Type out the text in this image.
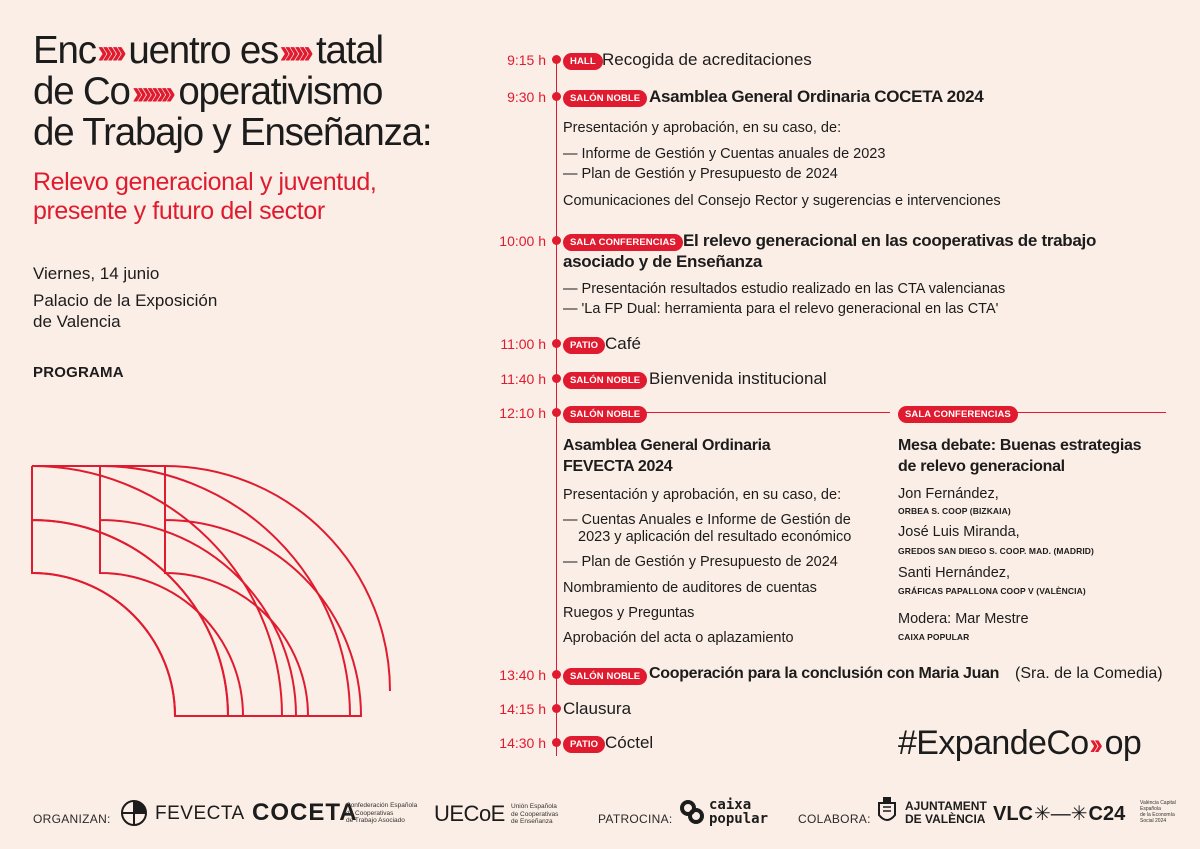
Enc››››› uentro es›››››› tatal
de Co›››››››› operativismo
de Trabajo y Enseñanza:
Relevo generacional y juventud,
presente y futuro del sector
Viernes, 14 junio
Palacio de la Exposición
de Valencia
PROGRAMA
9:15 h	HALL Recogida de acreditaciones
9:30 h	SALÓN NOBLE Asamblea General Ordinaria COCETA 2024
Presentación y aprobación, en su caso, de:
— Informe de Gestión y Cuentas anuales de 2023
— Plan de Gestión y Presupuesto de 2024
Comunicaciones del Consejo Rector y sugerencias e intervenciones
10:00 h	SALA CONFERENCIAS El relevo generacional en las cooperativas de trabajo
asociado y de Enseñanza
— Presentación resultados estudio realizado en las CTA valencianas
— 'La FP Dual: herramienta para el relevo generacional en las CTA'
11:00 h	PATIO Café
11:40 h	SALÓN NOBLE Bienvenida institucional
12:10 h	SALÓN NOBLE	SALA CONFERENCIAS
Asamblea General Ordinaria
FEVECTA 2024
Presentación y aprobación, en su caso, de:
— Cuentas Anuales e Informe de Gestión de
2023 y aplicación del resultado económico
— Plan de Gestión y Presupuesto de 2024
Nombramiento de auditores de cuentas
Ruegos y Preguntas
Aprobación del acta o aplazamiento
Mesa debate: Buenas estrategias
de relevo generacional
Jon Fernández,
ORBEA S. COOP (BIZKAIA)
José Luis Miranda,
GREDOS SAN DIEGO S. COOP. MAD. (MADRID)
Santi Hernández,
GRÁFICAS PAPALLONA COOP V (VALÈNCIA)
Modera: Mar Mestre
CAIXA POPULAR
13:40 h	SALÓN NOBLE Cooperación para la conclusión con Maria Juan (Sra. de la Comedia)
14:15 h Clausura
14:30 h	PATIO Cóctel	#ExpandeCo›› op
ORGANIZAN: FEVECTA COCETA
Confederación Española
de Cooperativas
de Trabajo Asociado	UECoE Unión Española
de Cooperativas
de Enseñanza	PATROCINA:
caixa
popular COLABORA:
AJUNTAMENT
DE VALÈNCIA VLC✳—✳C24	València Capital
Española
de la Economía
Social 2024
